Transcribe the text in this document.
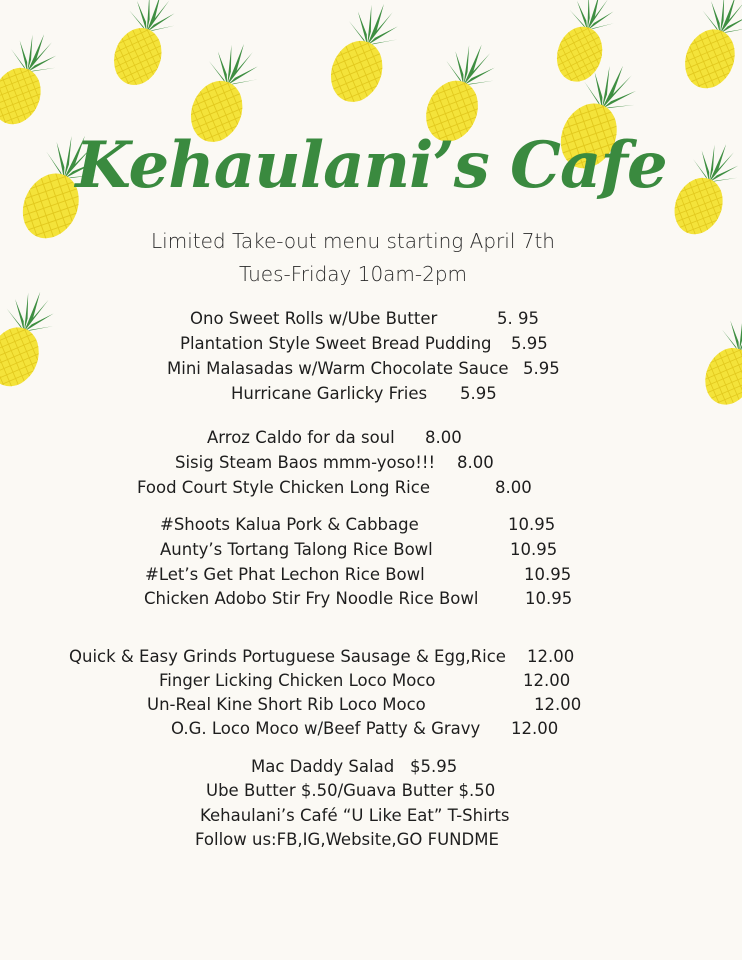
Kehaulani’s Cafe
Limited Take-out menu starting April 7th
Tues-Friday 10am-2pm
Ono Sweet Rolls w/Ube Butter	5. 95
Plantation Style Sweet Bread Pudding 5.95
Mini Malasadas w/Warm Chocolate Sauce 5.95
Hurricane Garlicky Fries 5.95
Arroz Caldo for da soul 8.00
Sisig Steam Baos mmm-yoso!!! 8.00
Food Court Style Chicken Long Rice	8.00
#Shoots Kalua Pork & Cabbage	10.95
Aunty’s Tortang Talong Rice Bowl	10.95
#Let’s Get Phat Lechon Rice Bowl	10.95
Chicken Adobo Stir Fry Noodle Rice Bowl	10.95
Quick & Easy Grinds Portuguese Sausage & Egg,Rice 12.00
Finger Licking Chicken Loco Moco	12.00
Un-Real Kine Short Rib Loco Moco	12.00
O.G. Loco Moco w/Beef Patty & Gravy 12.00
Mac Daddy Salad $5.95
Ube Butter $.50/Guava Butter $.50
Kehaulani’s Café “U Like Eat” T-Shirts
Follow us:FB,IG,Website,GO FUNDME
